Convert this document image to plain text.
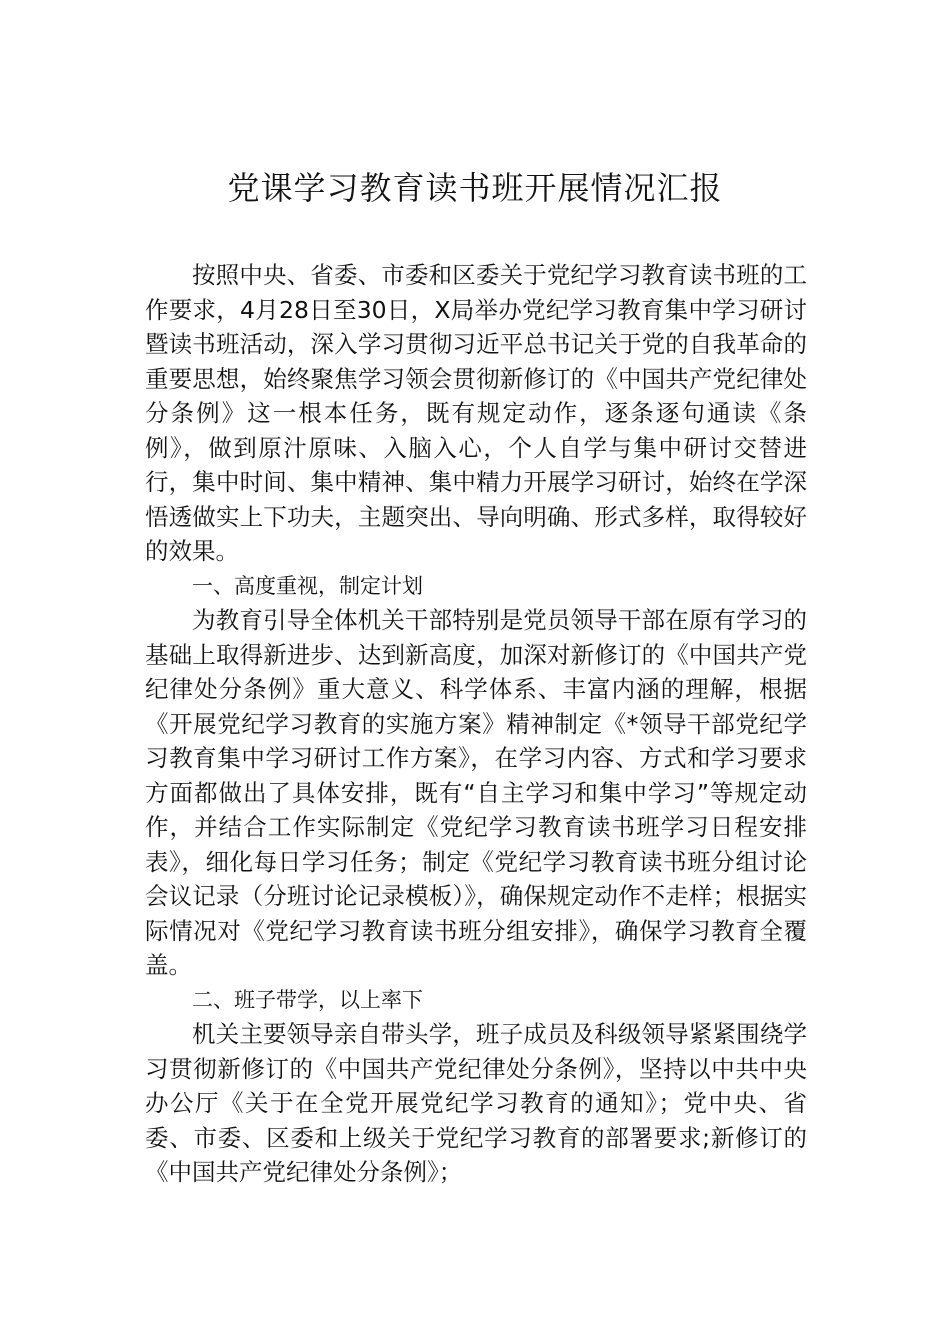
党课学习教育读书班开展情况汇报

按照中央、省委、市委和区委关于党纪学习教育读书班的工作要求，4月28日至30日，X局举办党纪学习教育集中学习研讨暨读书班活动，深入学习贯彻习近平总书记关于党的自我革命的重要思想，始终聚焦学习领会贯彻新修订的《中国共产党纪律处分条例》这一根本任务，既有规定动作，逐条逐句通读《条例》，做到原汁原味、入脑入心，个人自学与集中研讨交替进行，集中时间、集中精神、集中精力开展学习研讨，始终在学深悟透做实上下功夫，主题突出、导向明确、形式多样，取得较好的效果。

一、高度重视，制定计划

为教育引导全体机关干部特别是党员领导干部在原有学习的基础上取得新进步、达到新高度，加深对新修订的《中国共产党纪律处分条例》重大意义、科学体系、丰富内涵的理解，根据《开展党纪学习教育的实施方案》精神制定《*领导干部党纪学习教育集中学习研讨工作方案》，在学习内容、方式和学习要求方面都做出了具体安排，既有“自主学习和集中学习”等规定动作，并结合工作实际制定《党纪学习教育读书班学习日程安排表》，细化每日学习任务；制定《党纪学习教育读书班分组讨论会议记录（分班讨论记录模板）》，确保规定动作不走样；根据实际情况对《党纪学习教育读书班分组安排》，确保学习教育全覆盖。

二、班子带学，以上率下

机关主要领导亲自带头学，班子成员及科级领导紧紧围绕学习贯彻新修订的《中国共产党纪律处分条例》，坚持以中共中央办公厅《关于在全党开展党纪学习教育的通知》；党中央、省委、市委、区委和上级关于党纪学习教育的部署要求;新修订的《中国共产党纪律处分条例》；
